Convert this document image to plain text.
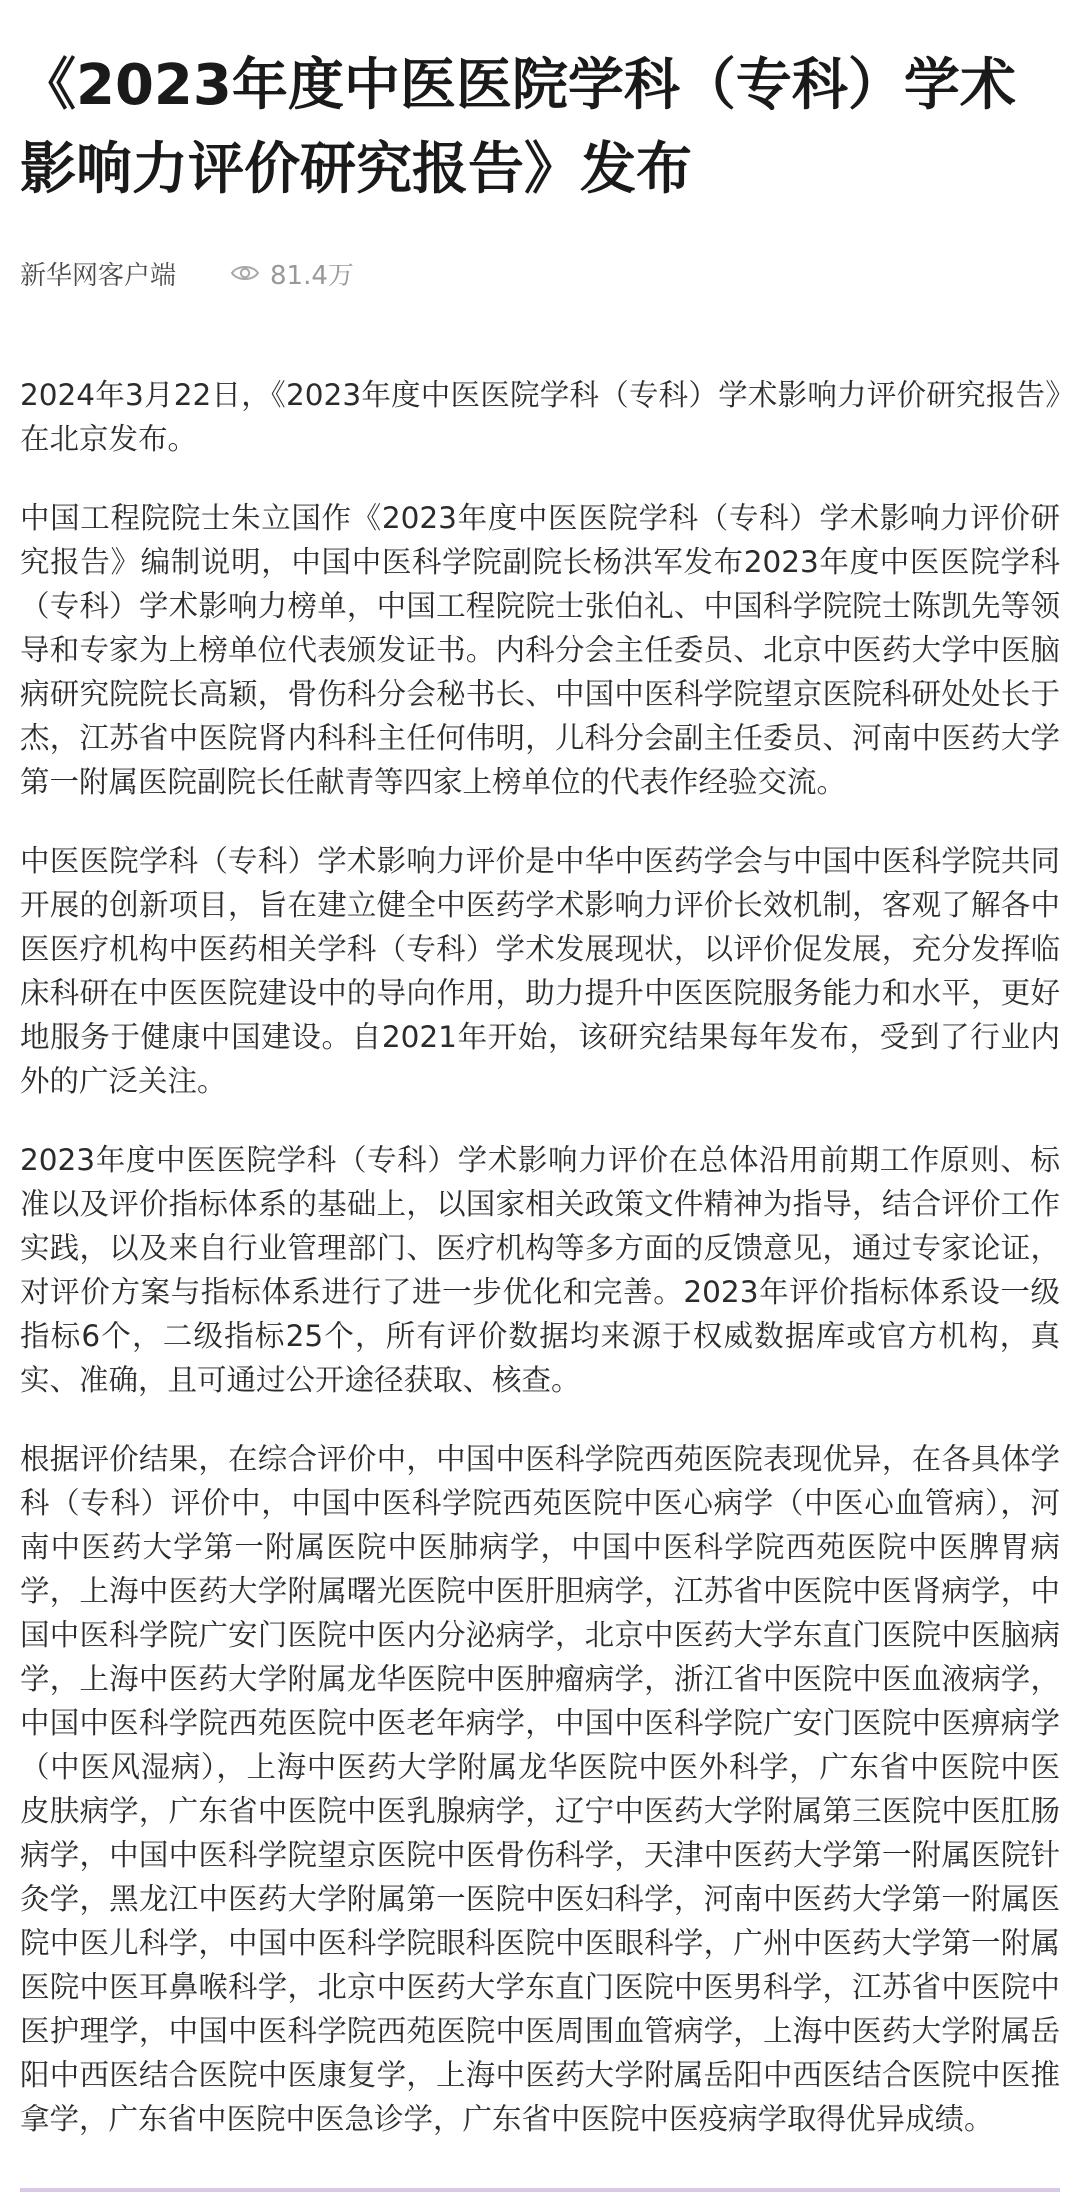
《2023年度中医医院学科（专科）学术影响力评价研究报告》发布
新华网客户端	81.4万

2024年3月22日，《2023年度中医医院学科（专科）学术影响力评价研究报告》在北京发布。

中国工程院院士朱立国作《2023年度中医医院学科（专科）学术影响力评价研究报告》编制说明，中国中医科学院副院长杨洪军发布2023年度中医医院学科（专科）学术影响力榜单，中国工程院院士张伯礼、中国科学院院士陈凯先等领导和专家为上榜单位代表颁发证书。内科分会主任委员、北京中医药大学中医脑病研究院院长高颖，骨伤科分会秘书长、中国中医科学院望京医院科研处处长于杰，江苏省中医院肾内科科主任何伟明，儿科分会副主任委员、河南中医药大学第一附属医院副院长任献青等四家上榜单位的代表作经验交流。

中医医院学科（专科）学术影响力评价是中华中医药学会与中国中医科学院共同开展的创新项目，旨在建立健全中医药学术影响力评价长效机制，客观了解各中医医疗机构中医药相关学科（专科）学术发展现状，以评价促发展，充分发挥临床科研在中医医院建设中的导向作用，助力提升中医医院服务能力和水平，更好地服务于健康中国建设。自2021年开始，该研究结果每年发布，受到了行业内外的广泛关注。

2023年度中医医院学科（专科）学术影响力评价在总体沿用前期工作原则、标准以及评价指标体系的基础上，以国家相关政策文件精神为指导，结合评价工作实践，以及来自行业管理部门、医疗机构等多方面的反馈意见，通过专家论证，对评价方案与指标体系进行了进一步优化和完善。2023年评价指标体系设一级指标6个，二级指标25个，所有评价数据均来源于权威数据库或官方机构，真实、准确，且可通过公开途径获取、核查。

根据评价结果，在综合评价中，中国中医科学院西苑医院表现优异，在各具体学科（专科）评价中，中国中医科学院西苑医院中医心病学（中医心血管病），河南中医药大学第一附属医院中医肺病学，中国中医科学院西苑医院中医脾胃病学，上海中医药大学附属曙光医院中医肝胆病学，江苏省中医院中医肾病学，中国中医科学院广安门医院中医内分泌病学，北京中医药大学东直门医院中医脑病学，上海中医药大学附属龙华医院中医肿瘤病学，浙江省中医院中医血液病学，中国中医科学院西苑医院中医老年病学，中国中医科学院广安门医院中医痹病学（中医风湿病），上海中医药大学附属龙华医院中医外科学，广东省中医院中医皮肤病学，广东省中医院中医乳腺病学，辽宁中医药大学附属第三医院中医肛肠病学，中国中医科学院望京医院中医骨伤科学，天津中医药大学第一附属医院针灸学，黑龙江中医药大学附属第一医院中医妇科学，河南中医药大学第一附属医院中医儿科学，中国中医科学院眼科医院中医眼科学，广州中医药大学第一附属医院中医耳鼻喉科学，北京中医药大学东直门医院中医男科学，江苏省中医院中医护理学，中国中医科学院西苑医院中医周围血管病学，上海中医药大学附属岳阳中西医结合医院中医康复学，上海中医药大学附属岳阳中西医结合医院中医推拿学，广东省中医院中医急诊学，广东省中医院中医疫病学取得优异成绩。
